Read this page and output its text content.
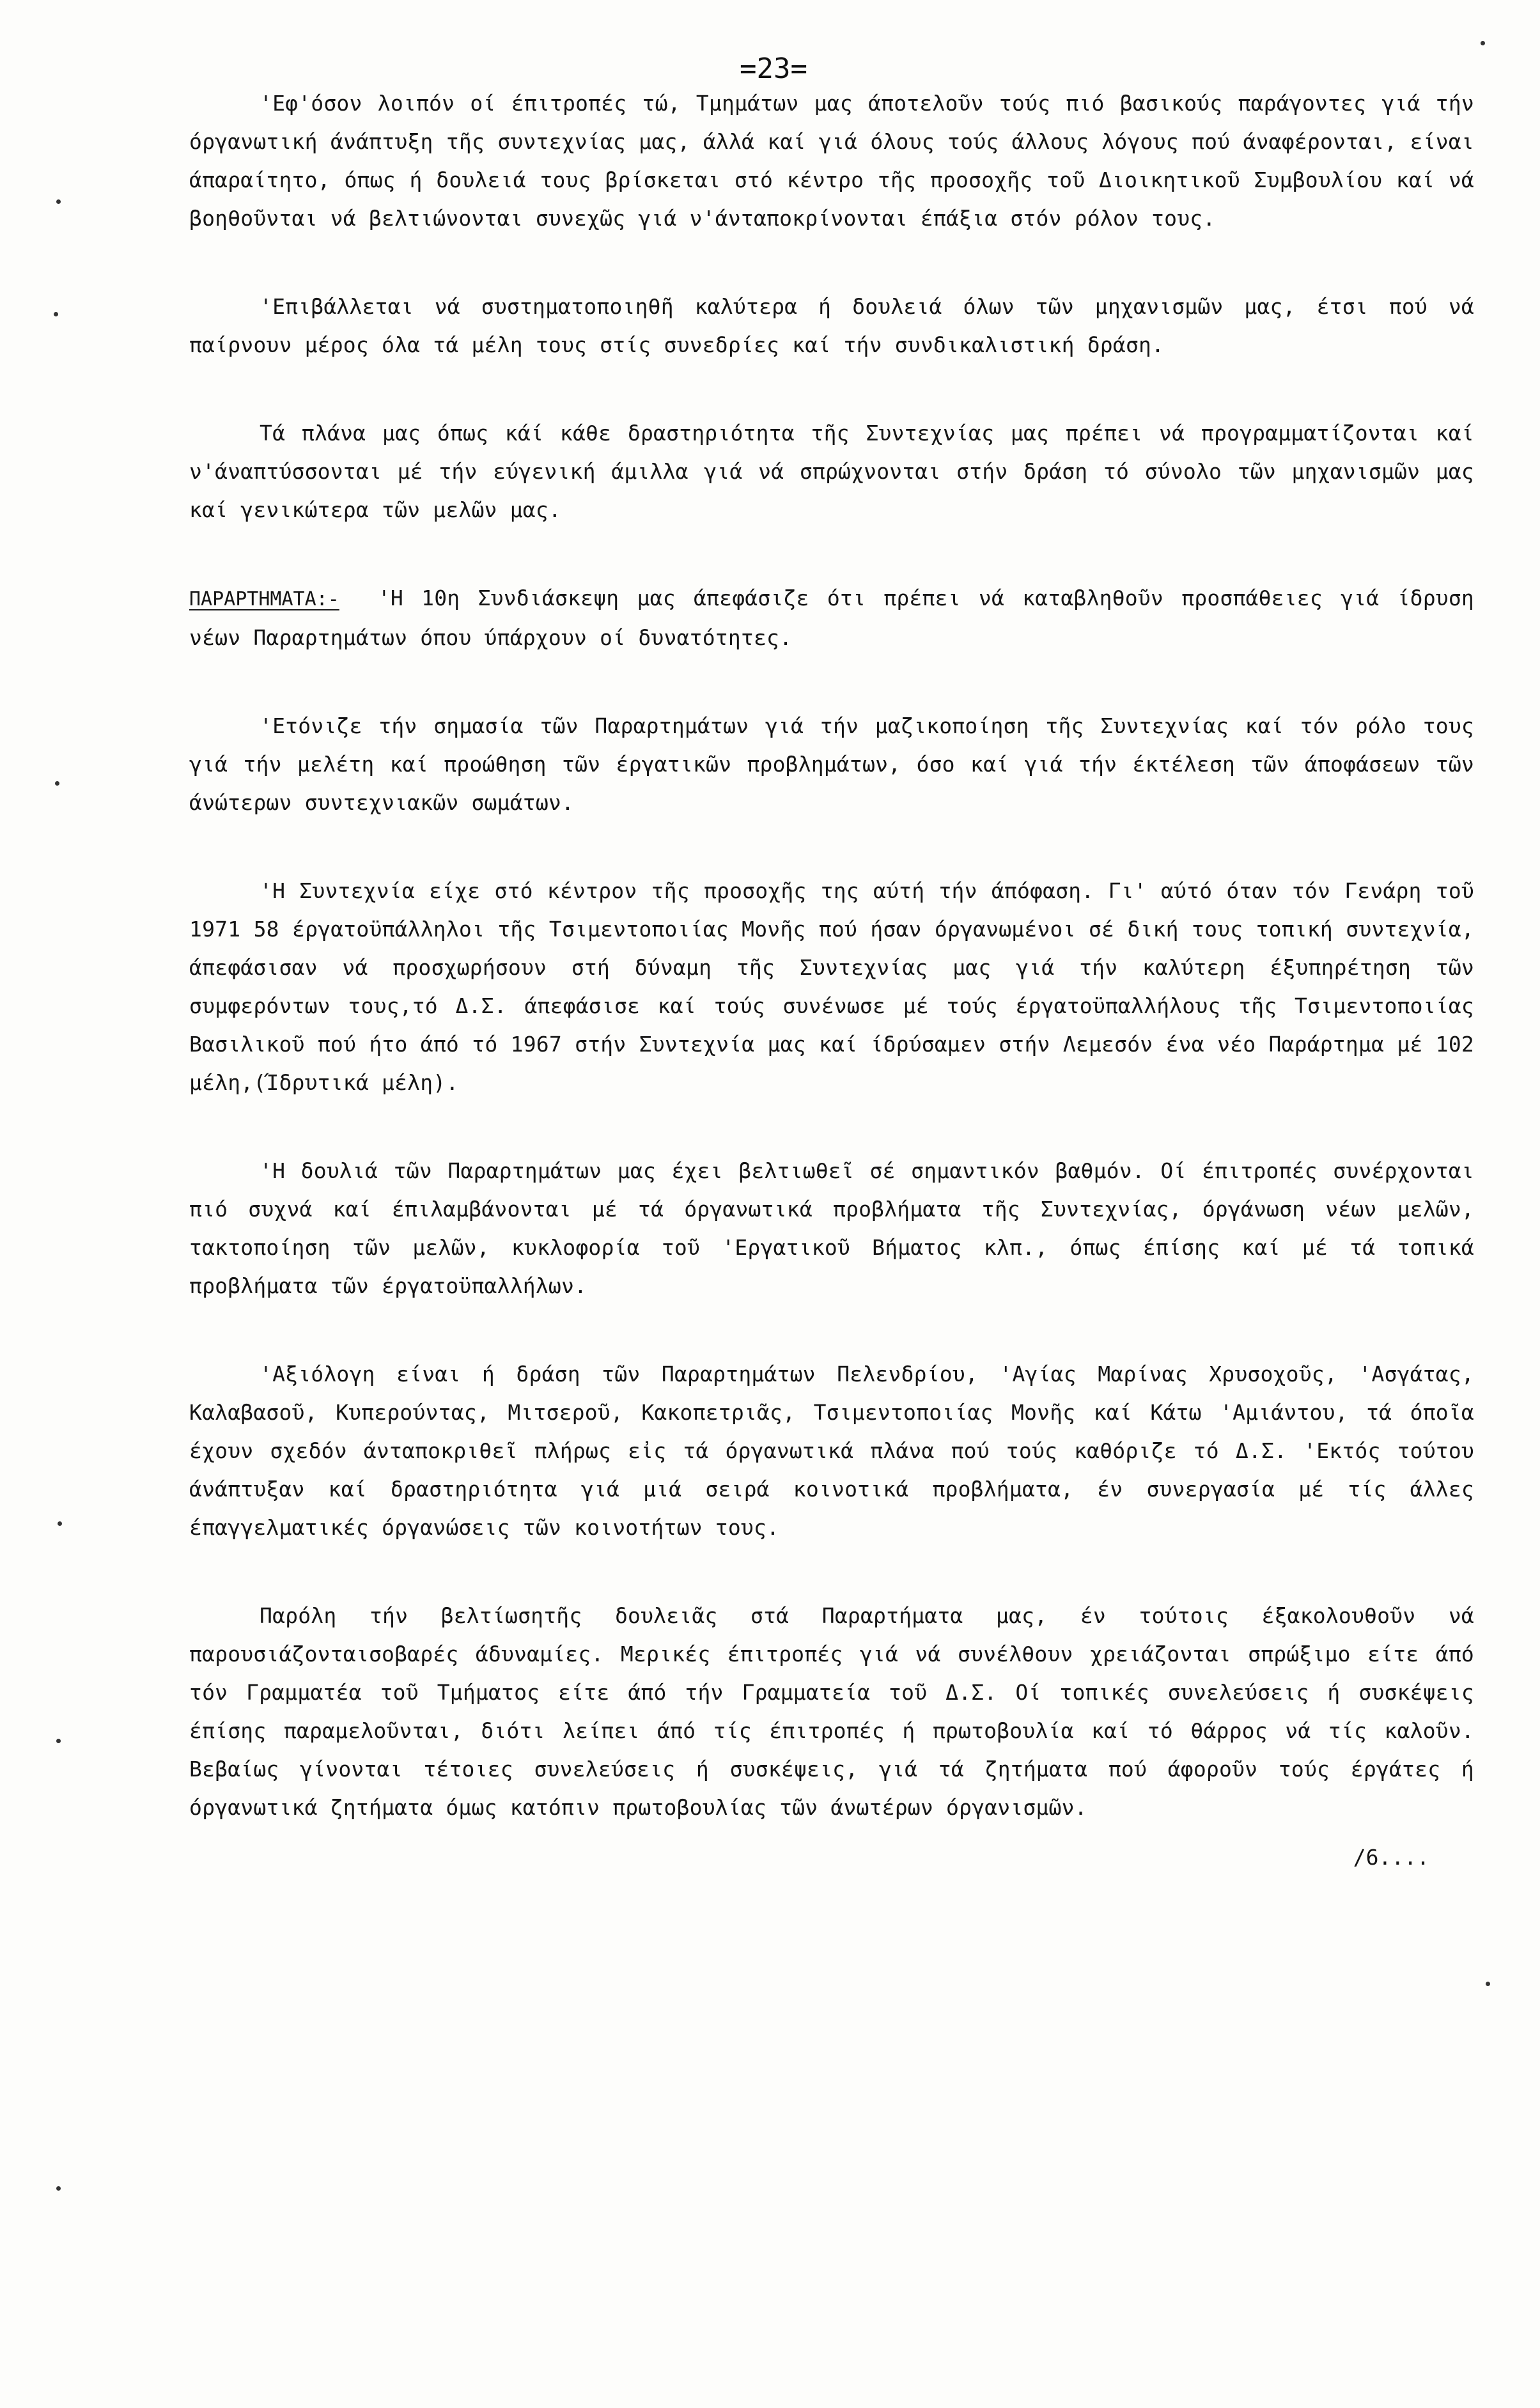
=23=

'Εφ'όσον λοιπόν οί έπιτροπές τώ, Τμημάτων μας άποτελοῦν τούς πιό βασικούς παράγοντες γιά τήν όργανωτική άνάπτυξη τῆς συντεχνίας μας, άλλά καί γιά όλους τούς άλλους λόγους πού άναφέρονται, είναι άπαραίτητο, όπως ή δουλειά τους βρίσκεται στό κέντρο τῆς προσοχῆς τοῦ Διοικητικοῦ Συμβουλίου καί νά βοηθοῦνται νά βελτιώνονται συνεχῶς γιά ν'άνταποκρίνονται έπάξια στόν ρόλον τους.

'Επιβάλλεται νά συστηματοποιηθῆ καλύτερα ή δουλειά όλων τῶν μηχανισμῶν μας, έτσι πού νά παίρνουν μέρος όλα τά μέλη τους στίς συνεδρίες καί τήν συνδικαλιστική δράση.

Τά πλάνα μας όπως κάί κάθε δραστηριότητα τῆς Συντεχνίας μας πρέπει νά προγραμματίζονται καί ν'άναπτύσσονται μέ τήν εύγενική άμιλλα γιά νά σπρώχνονται στήν δράση τό σύνολο τῶν μηχανισμῶν μας καί γενικώτερα τῶν μελῶν μας.

ΠΑΡΑΡΤΗΜΑΤΑ:- 'Η 10η Συνδιάσκεψη μας άπεφάσιζε ότι πρέπει νά καταβληθοῦν προσπάθειες γιά ίδρυση νέων Παραρτημάτων όπου ύπάρχουν οί δυνατότητες.

'Ετόνιζε τήν σημασία τῶν Παραρτημάτων γιά τήν μαζικοποίηση τῆς Συντεχνίας καί τόν ρόλο τους γιά τήν μελέτη καί προώθηση τῶν έργατικῶν προβλημάτων, όσο καί γιά τήν έκτέλεση τῶν άποφάσεων τῶν άνώτερων συντεχνιακῶν σωμάτων.

'Η Συντεχνία είχε στό κέντρον τῆς προσοχῆς της αύτή τήν άπόφαση. Γι' αύτό όταν τόν Γενάρη τοῦ 1971 58 έργατοϋπάλληλοι τῆς Τσιμεντοποιίας Μονῆς πού ήσαν όργανωμένοι σέ δική τους τοπική συντεχνία, άπεφάσισαν νά προσχωρήσουν στή δύναμη τῆς Συντεχνίας μας γιά τήν καλύτερη έξυπηρέτηση τῶν συμφερόντων τους,τό Δ.Σ. άπεφάσισε καί τούς συνένωσε μέ τούς έργατοϋπαλλήλους τῆς Τσιμεντοποιίας Βασιλικοῦ πού ήτο άπό τό 1967 στήν Συντεχνία μας καί ίδρύσαμεν στήν Λεμεσόν ένα νέο Παράρτημα μέ 102 μέλη,(Ίδρυτικά μέλη).

'Η δουλιά τῶν Παραρτημάτων μας έχει βελτιωθεῖ σέ σημαντικόν βαθμόν. Οί έπιτροπές συνέρχονται πιό συχνά καί έπιλαμβάνονται μέ τά όργανωτικά προβλήματα τῆς Συντεχνίας, όργάνωση νέων μελῶν, τακτοποίηση τῶν μελῶν, κυκλοφορία τοῦ 'Εργατικοῦ Βήματος κλπ., όπως έπίσης καί μέ τά τοπικά προβλήματα τῶν έργατοϋπαλλήλων.

'Αξιόλογη είναι ή δράση τῶν Παραρτημάτων Πελενδρίου, 'Αγίας Μαρίνας Χρυσοχοῦς, 'Ασγάτας, Καλαβασοῦ, Κυπερούντας, Μιτσεροῦ, Κακοπετριᾶς, Τσιμεντοποιίας Μονῆς καί Κάτω 'Αμιάντου, τά όποῖα έχουν σχεδόν άνταποκριθεῖ πλήρως εἰς τά όργανωτικά πλάνα πού τούς καθόριζε τό Δ.Σ. 'Εκτός τούτου άνάπτυξαν καί δραστηριότητα γιά μιά σειρά κοινοτικά προβλήματα, έν συνεργασία μέ τίς άλλες έπαγγελματικές όργανώσεις τῶν κοινοτήτων τους.

Παρόλη τήν βελτίωσητῆς δουλειᾶς στά Παραρτήματα μας, έν τούτοις έξακολουθοῦν νά παρουσιάζονταισοβαρές άδυναμίες. Μερικές έπιτροπές γιά νά συνέλθουν χρειάζονται σπρώξιμο είτε άπό τόν Γραμματέα τοῦ Τμήματος είτε άπό τήν Γραμματεία τοῦ Δ.Σ. Οί τοπικές συνελεύσεις ή συσκέψεις έπίσης παραμελοῦνται, διότι λείπει άπό τίς έπιτροπές ή πρωτοβουλία καί τό θάρρος νά τίς καλοῦν. Βεβαίως γίνονται τέτοιες συνελεύσεις ή συσκέψεις, γιά τά ζητήματα πού άφοροῦν τούς έργάτες ή όργανωτικά ζητήματα όμως κατόπιν πρωτοβουλίας τῶν άνωτέρων όργανισμῶν.

/6....
